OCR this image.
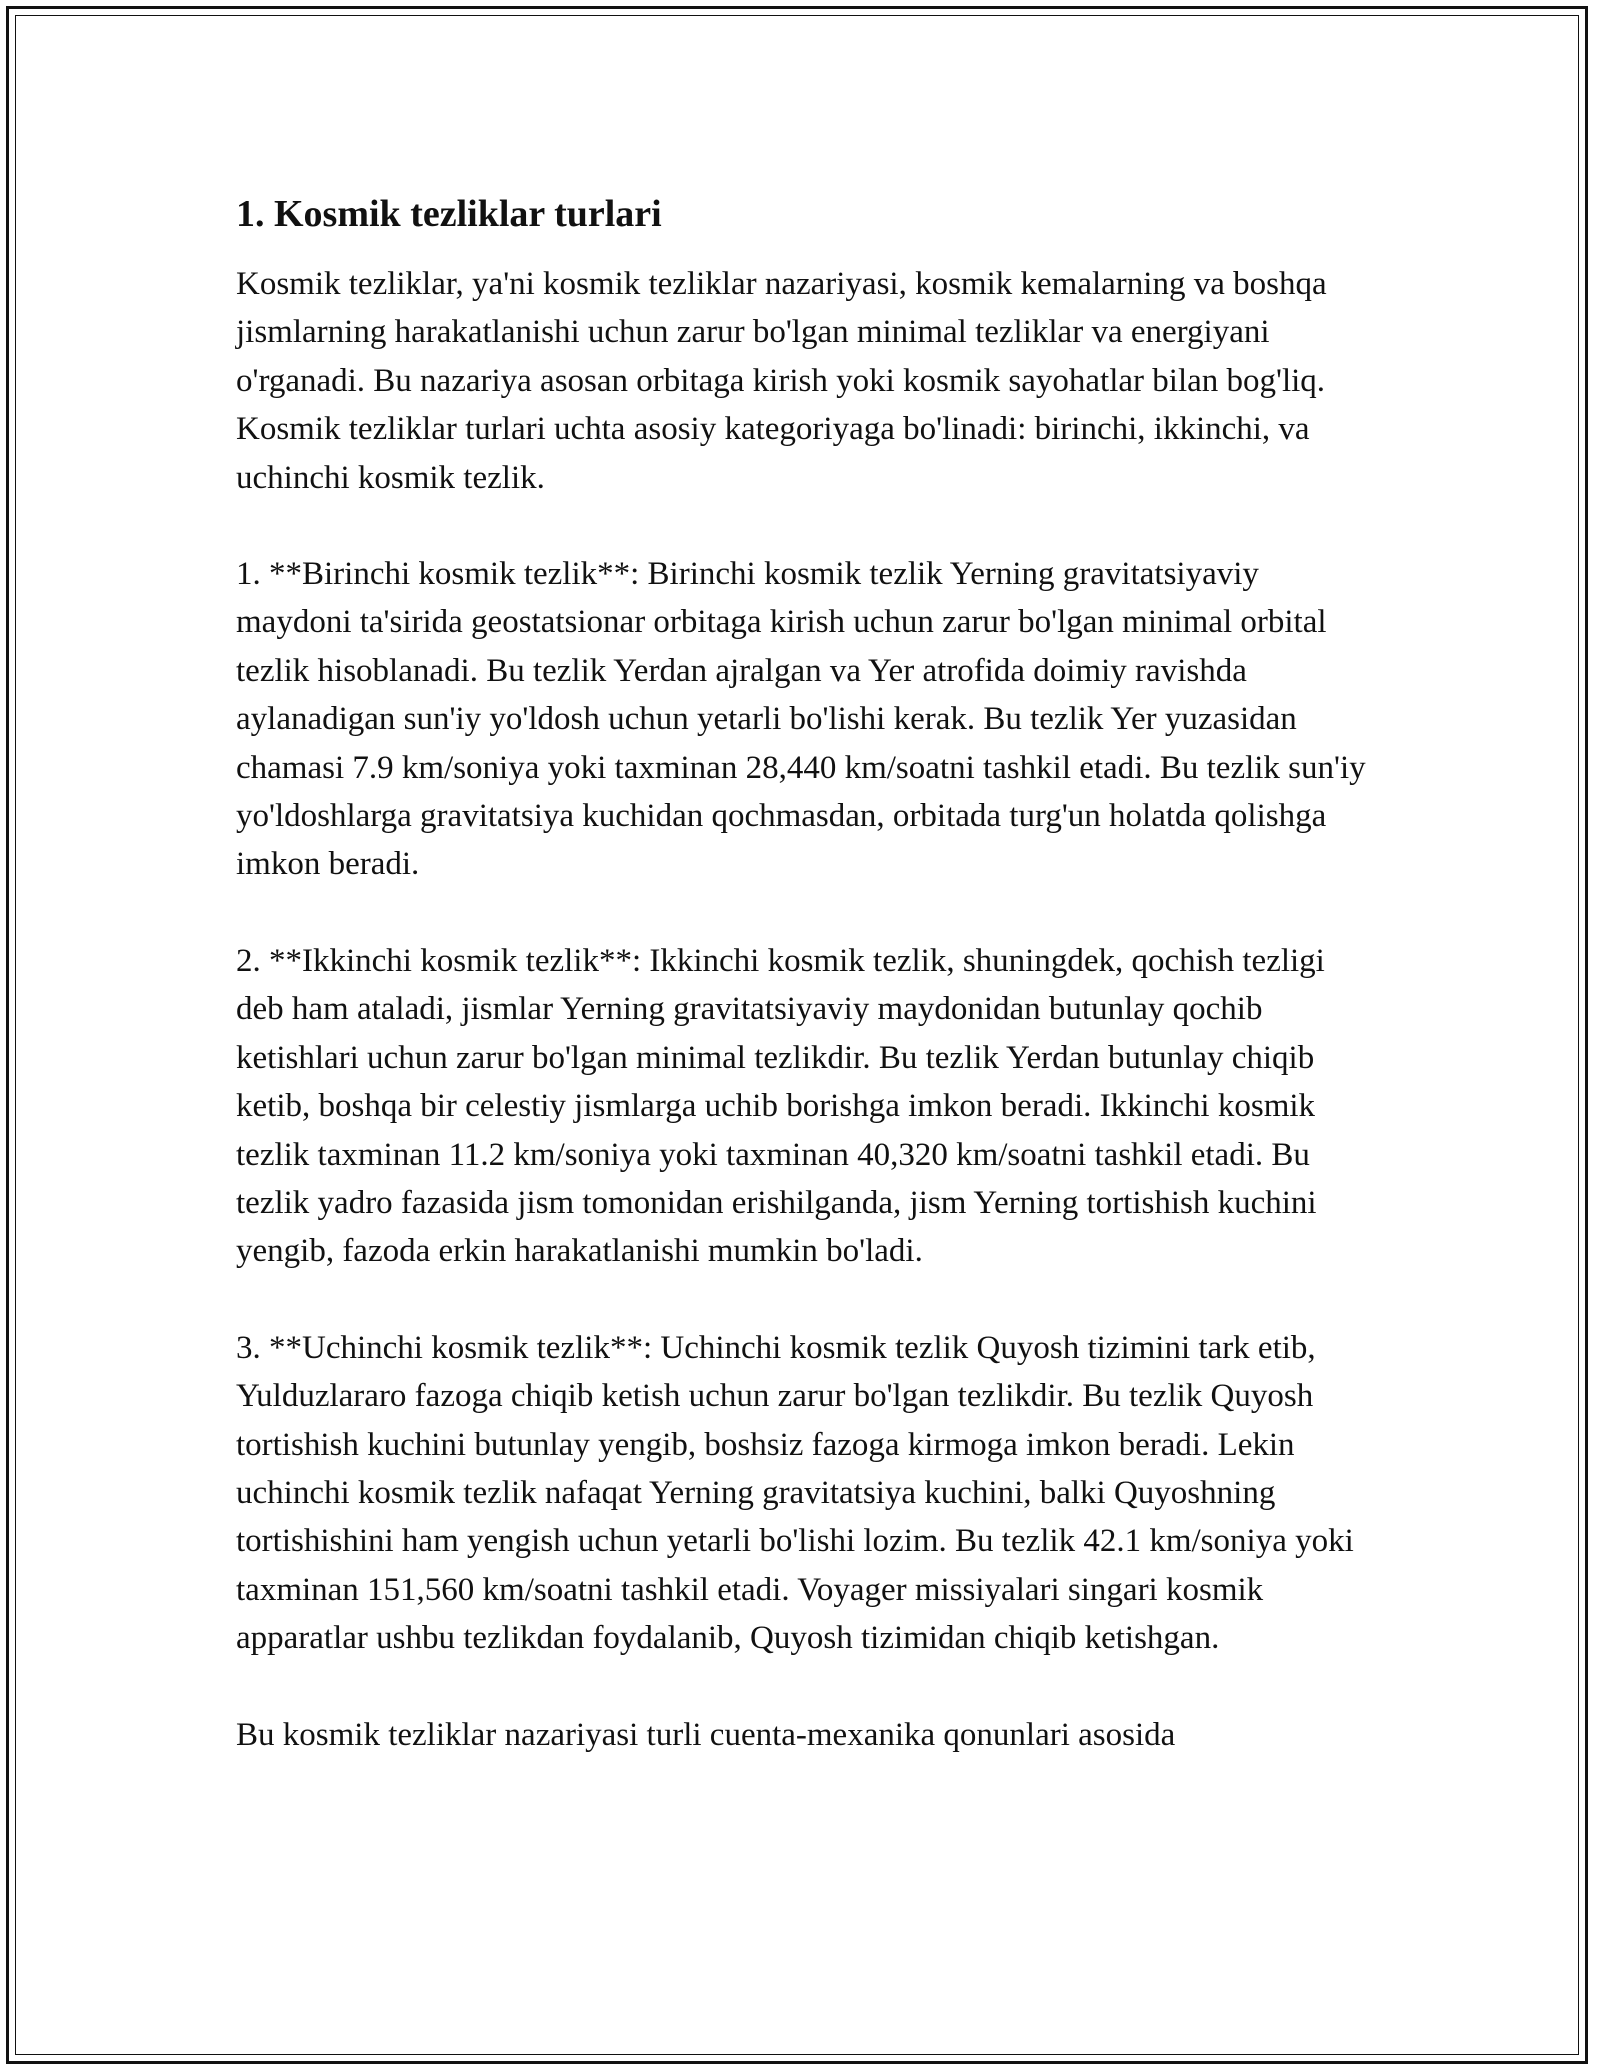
1. Kosmik tezliklar turlari

Kosmik tezliklar, ya'ni kosmik tezliklar nazariyasi, kosmik kemalarning va boshqa jismlarning harakatlanishi uchun zarur bo'lgan minimal tezliklar va energiyani o'rganadi. Bu nazariya asosan orbitaga kirish yoki kosmik sayohatlar bilan bog'liq. Kosmik tezliklar turlari uchta asosiy kategoriyaga bo'linadi: birinchi, ikkinchi, va uchinchi kosmik tezlik.

1. **Birinchi kosmik tezlik**: Birinchi kosmik tezlik Yerning gravitatsiyaviy maydoni ta'sirida geostatsionar orbitaga kirish uchun zarur bo'lgan minimal orbital tezlik hisoblanadi. Bu tezlik Yerdan ajralgan va Yer atrofida doimiy ravishda aylanadigan sun'iy yo'ldosh uchun yetarli bo'lishi kerak. Bu tezlik Yer yuzasidan chamasi 7.9 km/soniya yoki taxminan 28,440 km/soatni tashkil etadi. Bu tezlik sun'iy yo'ldoshlarga gravitatsiya kuchidan qochmasdan, orbitada turg'un holatda qolishga imkon beradi.

2. **Ikkinchi kosmik tezlik**: Ikkinchi kosmik tezlik, shuningdek, qochish tezligi deb ham ataladi, jismlar Yerning gravitatsiyaviy maydonidan butunlay qochib ketishlari uchun zarur bo'lgan minimal tezlikdir. Bu tezlik Yerdan butunlay chiqib ketib, boshqa bir celestiy jismlarga uchib borishga imkon beradi. Ikkinchi kosmik tezlik taxminan 11.2 km/soniya yoki taxminan 40,320 km/soatni tashkil etadi. Bu tezlik yadro fazasida jism tomonidan erishilganda, jism Yerning tortishish kuchini yengib, fazoda erkin harakatlanishi mumkin bo'ladi.

3. **Uchinchi kosmik tezlik**: Uchinchi kosmik tezlik Quyosh tizimini tark etib, Yulduzlararo fazoga chiqib ketish uchun zarur bo'lgan tezlikdir. Bu tezlik Quyosh tortishish kuchini butunlay yengib, boshsiz fazoga kirmoga imkon beradi. Lekin uchinchi kosmik tezlik nafaqat Yerning gravitatsiya kuchini, balki Quyoshning tortishishini ham yengish uchun yetarli bo'lishi lozim. Bu tezlik 42.1 km/soniya yoki taxminan 151,560 km/soatni tashkil etadi. Voyager missiyalari singari kosmik apparatlar ushbu tezlikdan foydalanib, Quyosh tizimidan chiqib ketishgan.

Bu kosmik tezliklar nazariyasi turli cuenta-mexanika qonunlari asosida
